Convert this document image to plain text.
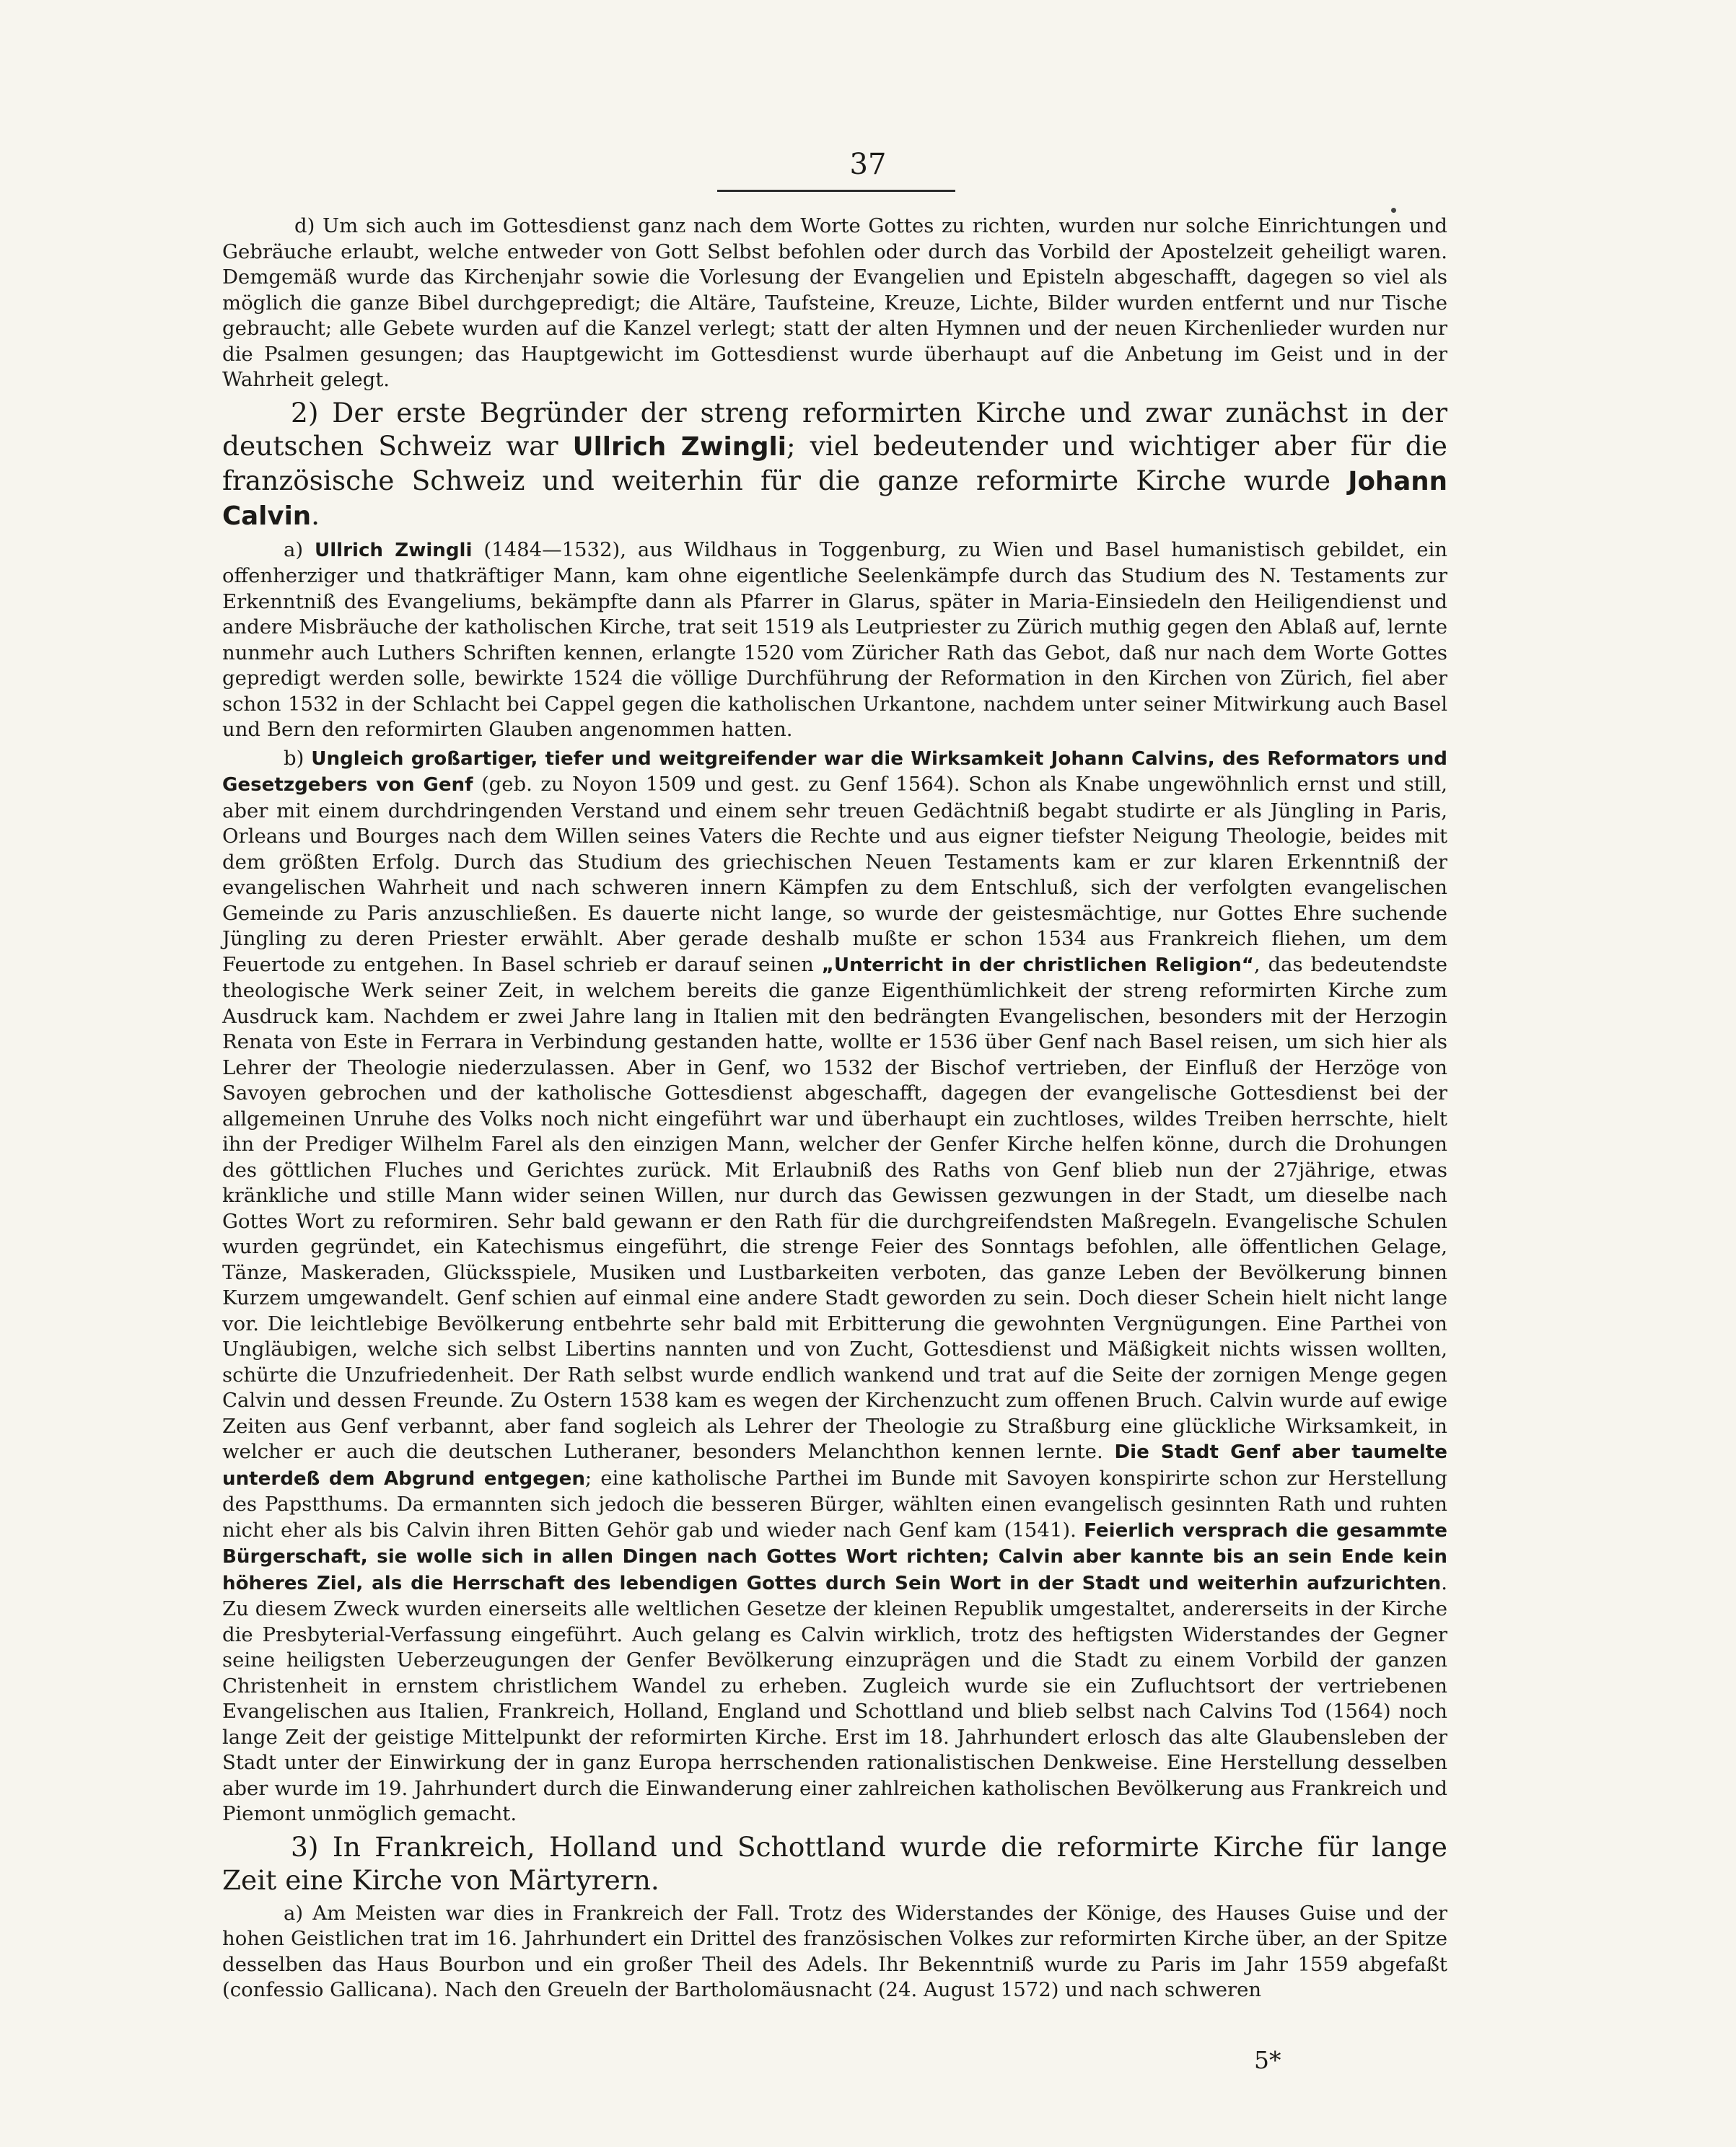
37

d) Um sich auch im Gottesdienst ganz nach dem Worte Gottes zu richten, wurden nur solche Einrichtungen und Gebräuche erlaubt, welche entweder von Gott Selbst befohlen oder durch das Vorbild der Apostelzeit geheiligt waren. Demgemäß wurde das Kirchenjahr sowie die Vorlesung der Evangelien und Episteln abgeschafft, dagegen so viel als möglich die ganze Bibel durchgepredigt; die Altäre, Taufsteine, Kreuze, Lichte, Bilder wurden entfernt und nur Tische gebraucht; alle Gebete wurden auf die Kanzel verlegt; statt der alten Hymnen und der neuen Kirchenlieder wurden nur die Psalmen gesungen; das Hauptgewicht im Gottesdienst wurde überhaupt auf die Anbetung im Geist und in der Wahrheit gelegt.

2) Der erste Begründer der streng reformirten Kirche und zwar zunächst in der deutschen Schweiz war Ullrich Zwingli; viel bedeutender und wichtiger aber für die französische Schweiz und weiterhin für die ganze reformirte Kirche wurde Johann Calvin.

a) Ullrich Zwingli (1484—1532), aus Wildhaus in Toggenburg, zu Wien und Basel humanistisch gebildet, ein offenherziger und thatkräftiger Mann, kam ohne eigentliche Seelenkämpfe durch das Studium des N. Testaments zur Erkenntniß des Evangeliums, bekämpfte dann als Pfarrer in Glarus, später in Maria-Einsiedeln den Heiligendienst und andere Misbräuche der katholischen Kirche, trat seit 1519 als Leutpriester zu Zürich muthig gegen den Ablaß auf, lernte nunmehr auch Luthers Schriften kennen, erlangte 1520 vom Züricher Rath das Gebot, daß nur nach dem Worte Gottes gepredigt werden solle, bewirkte 1524 die völlige Durchführung der Reformation in den Kirchen von Zürich, fiel aber schon 1532 in der Schlacht bei Cappel gegen die katholischen Urkantone, nachdem unter seiner Mitwirkung auch Basel und Bern den reformirten Glauben angenommen hatten.

b) Ungleich großartiger, tiefer und weitgreifender war die Wirksamkeit Johann Calvins, des Reformators und Gesetzgebers von Genf (geb. zu Noyon 1509 und gest. zu Genf 1564). Schon als Knabe ungewöhnlich ernst und still, aber mit einem durchdringenden Verstand und einem sehr treuen Gedächtniß begabt studirte er als Jüngling in Paris, Orleans und Bourges nach dem Willen seines Vaters die Rechte und aus eigner tiefster Neigung Theologie, beides mit dem größten Erfolg. Durch das Studium des griechischen Neuen Testaments kam er zur klaren Erkenntniß der evangelischen Wahrheit und nach schweren innern Kämpfen zu dem Entschluß, sich der verfolgten evangelischen Gemeinde zu Paris anzuschließen. Es dauerte nicht lange, so wurde der geistesmächtige, nur Gottes Ehre suchende Jüngling zu deren Priester erwählt. Aber gerade deshalb mußte er schon 1534 aus Frankreich fliehen, um dem Feuertode zu entgehen. In Basel schrieb er darauf seinen „Unterricht in der christlichen Religion“, das bedeutendste theologische Werk seiner Zeit, in welchem bereits die ganze Eigenthümlichkeit der streng reformirten Kirche zum Ausdruck kam. Nachdem er zwei Jahre lang in Italien mit den bedrängten Evangelischen, besonders mit der Herzogin Renata von Este in Ferrara in Verbindung gestanden hatte, wollte er 1536 über Genf nach Basel reisen, um sich hier als Lehrer der Theologie niederzulassen. Aber in Genf, wo 1532 der Bischof vertrieben, der Einfluß der Herzöge von Savoyen gebrochen und der katholische Gottesdienst abgeschafft, dagegen der evangelische Gottesdienst bei der allgemeinen Unruhe des Volks noch nicht eingeführt war und überhaupt ein zuchtloses, wildes Treiben herrschte, hielt ihn der Prediger Wilhelm Farel als den einzigen Mann, welcher der Genfer Kirche helfen könne, durch die Drohungen des göttlichen Fluches und Gerichtes zurück. Mit Erlaubniß des Raths von Genf blieb nun der 27jährige, etwas kränkliche und stille Mann wider seinen Willen, nur durch das Gewissen gezwungen in der Stadt, um dieselbe nach Gottes Wort zu reformiren. Sehr bald gewann er den Rath für die durchgreifendsten Maßregeln. Evangelische Schulen wurden gegründet, ein Katechismus eingeführt, die strenge Feier des Sonntags befohlen, alle öffentlichen Gelage, Tänze, Maskeraden, Glücksspiele, Musiken und Lustbarkeiten verboten, das ganze Leben der Bevölkerung binnen Kurzem umgewandelt. Genf schien auf einmal eine andere Stadt geworden zu sein. Doch dieser Schein hielt nicht lange vor. Die leichtlebige Bevölkerung entbehrte sehr bald mit Erbitterung die gewohnten Vergnügungen. Eine Parthei von Ungläubigen, welche sich selbst Libertins nannten und von Zucht, Gottesdienst und Mäßigkeit nichts wissen wollten, schürte die Unzufriedenheit. Der Rath selbst wurde endlich wankend und trat auf die Seite der zornigen Menge gegen Calvin und dessen Freunde. Zu Ostern 1538 kam es wegen der Kirchenzucht zum offenen Bruch. Calvin wurde auf ewige Zeiten aus Genf verbannt, aber fand sogleich als Lehrer der Theologie zu Straßburg eine glückliche Wirksamkeit, in welcher er auch die deutschen Lutheraner, besonders Melanchthon kennen lernte. Die Stadt Genf aber taumelte unterdeß dem Abgrund entgegen; eine katholische Parthei im Bunde mit Savoyen konspirirte schon zur Herstellung des Papstthums. Da ermannten sich jedoch die besseren Bürger, wählten einen evangelisch gesinnten Rath und ruhten nicht eher als bis Calvin ihren Bitten Gehör gab und wieder nach Genf kam (1541). Feierlich versprach die gesammte Bürgerschaft, sie wolle sich in allen Dingen nach Gottes Wort richten; Calvin aber kannte bis an sein Ende kein höheres Ziel, als die Herrschaft des lebendigen Gottes durch Sein Wort in der Stadt und weiterhin aufzurichten. Zu diesem Zweck wurden einerseits alle weltlichen Gesetze der kleinen Republik umgestaltet, andererseits in der Kirche die Presbyterial-Verfassung eingeführt. Auch gelang es Calvin wirklich, trotz des heftigsten Widerstandes der Gegner seine heiligsten Ueberzeugungen der Genfer Bevölkerung einzuprägen und die Stadt zu einem Vorbild der ganzen Christenheit in ernstem christlichem Wandel zu erheben. Zugleich wurde sie ein Zufluchtsort der vertriebenen Evangelischen aus Italien, Frankreich, Holland, England und Schottland und blieb selbst nach Calvins Tod (1564) noch lange Zeit der geistige Mittelpunkt der reformirten Kirche. Erst im 18. Jahrhundert erlosch das alte Glaubensleben der Stadt unter der Einwirkung der in ganz Europa herrschenden rationalistischen Denkweise. Eine Herstellung desselben aber wurde im 19. Jahrhundert durch die Einwanderung einer zahlreichen katholischen Bevölkerung aus Frankreich und Piemont unmöglich gemacht.

3) In Frankreich, Holland und Schottland wurde die reformirte Kirche für lange Zeit eine Kirche von Märtyrern.

a) Am Meisten war dies in Frankreich der Fall. Trotz des Widerstandes der Könige, des Hauses Guise und der hohen Geistlichen trat im 16. Jahrhundert ein Drittel des französischen Volkes zur reformirten Kirche über, an der Spitze desselben das Haus Bourbon und ein großer Theil des Adels. Ihr Bekenntniß wurde zu Paris im Jahr 1559 abgefaßt (confessio Gallicana). Nach den Greueln der Bartholomäusnacht (24. August 1572) und nach schweren

5*
